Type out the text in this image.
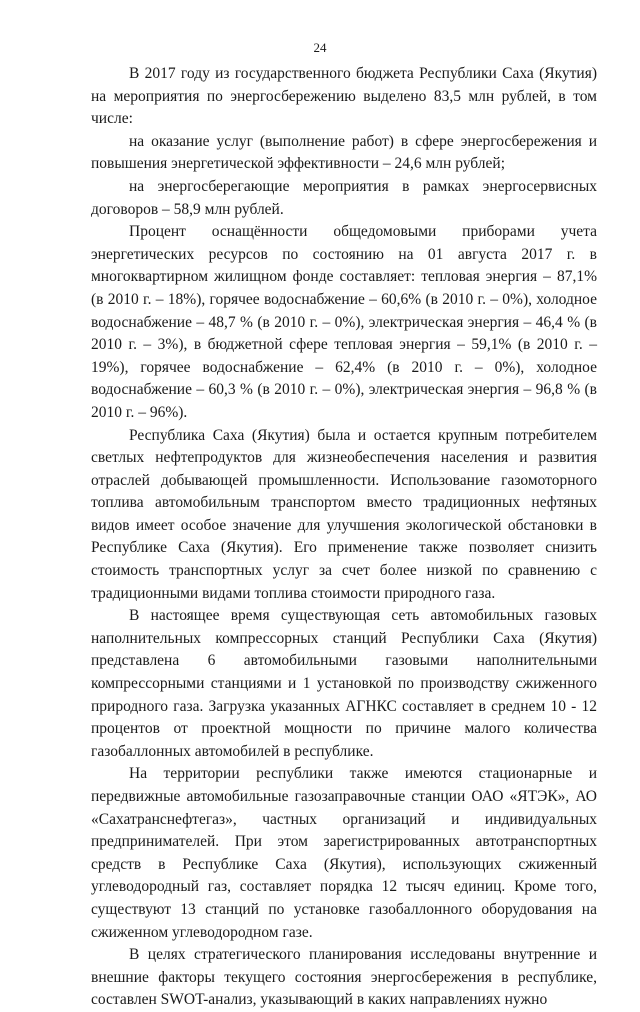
24

В 2017 году из государственного бюджета Республики Саха (Якутия) на мероприятия по энергосбережению выделено 83,5 млн рублей, в том числе:

на оказание услуг (выполнение работ) в сфере энергосбережения и повышения энергетической эффективности – 24,6 млн рублей;

на энергосберегающие мероприятия в рамках энергосервисных договоров – 58,9 млн рублей.

Процент оснащённости общедомовыми приборами учета энергетических ресурсов по состоянию на 01 августа 2017 г. в многоквартирном жилищном фонде составляет: тепловая энергия – 87,1% (в 2010 г. – 18%), горячее водоснабжение – 60,6% (в 2010 г. – 0%), холодное водоснабжение – 48,7 % (в 2010 г. – 0%), электрическая энергия – 46,4 % (в 2010 г. – 3%), в бюджетной сфере тепловая энергия – 59,1% (в 2010 г. – 19%), горячее водоснабжение – 62,4% (в 2010 г. – 0%), холодное водоснабжение – 60,3 % (в 2010 г. – 0%), электрическая энергия – 96,8 % (в 2010 г. – 96%).

Республика Саха (Якутия) была и остается крупным потребителем светлых нефтепродуктов для жизнеобеспечения населения и развития отраслей добывающей промышленности. Использование газомоторного топлива автомобильным транспортом вместо традиционных нефтяных видов имеет особое значение для улучшения экологической обстановки в Республике Саха (Якутия). Его применение также позволяет снизить стоимость транспортных услуг за счет более низкой по сравнению с традиционными видами топлива стоимости природного газа.

В настоящее время существующая сеть автомобильных газовых наполнительных компрессорных станций Республики Саха (Якутия) представлена 6 автомобильными газовыми наполнительными компрессорными станциями и 1 установкой по производству сжиженного природного газа. Загрузка указанных АГНКС составляет в среднем 10 - 12 процентов от проектной мощности по причине малого количества газобаллонных автомобилей в республике.

На территории республики также имеются стационарные и передвижные автомобильные газозаправочные станции ОАО «ЯТЭК», АО «Сахатранснефтегаз», частных организаций и индивидуальных предпринимателей. При этом зарегистрированных автотранспортных средств в Республике Саха (Якутия), использующих сжиженный углеводородный газ, составляет порядка 12 тысяч единиц. Кроме того, существуют 13 станций по установке газобаллонного оборудования на сжиженном углеводородном газе.

В целях стратегического планирования исследованы внутренние и внешние факторы текущего состояния энергосбережения в республике, составлен SWOT-анализ, указывающий в каких направлениях нужно
